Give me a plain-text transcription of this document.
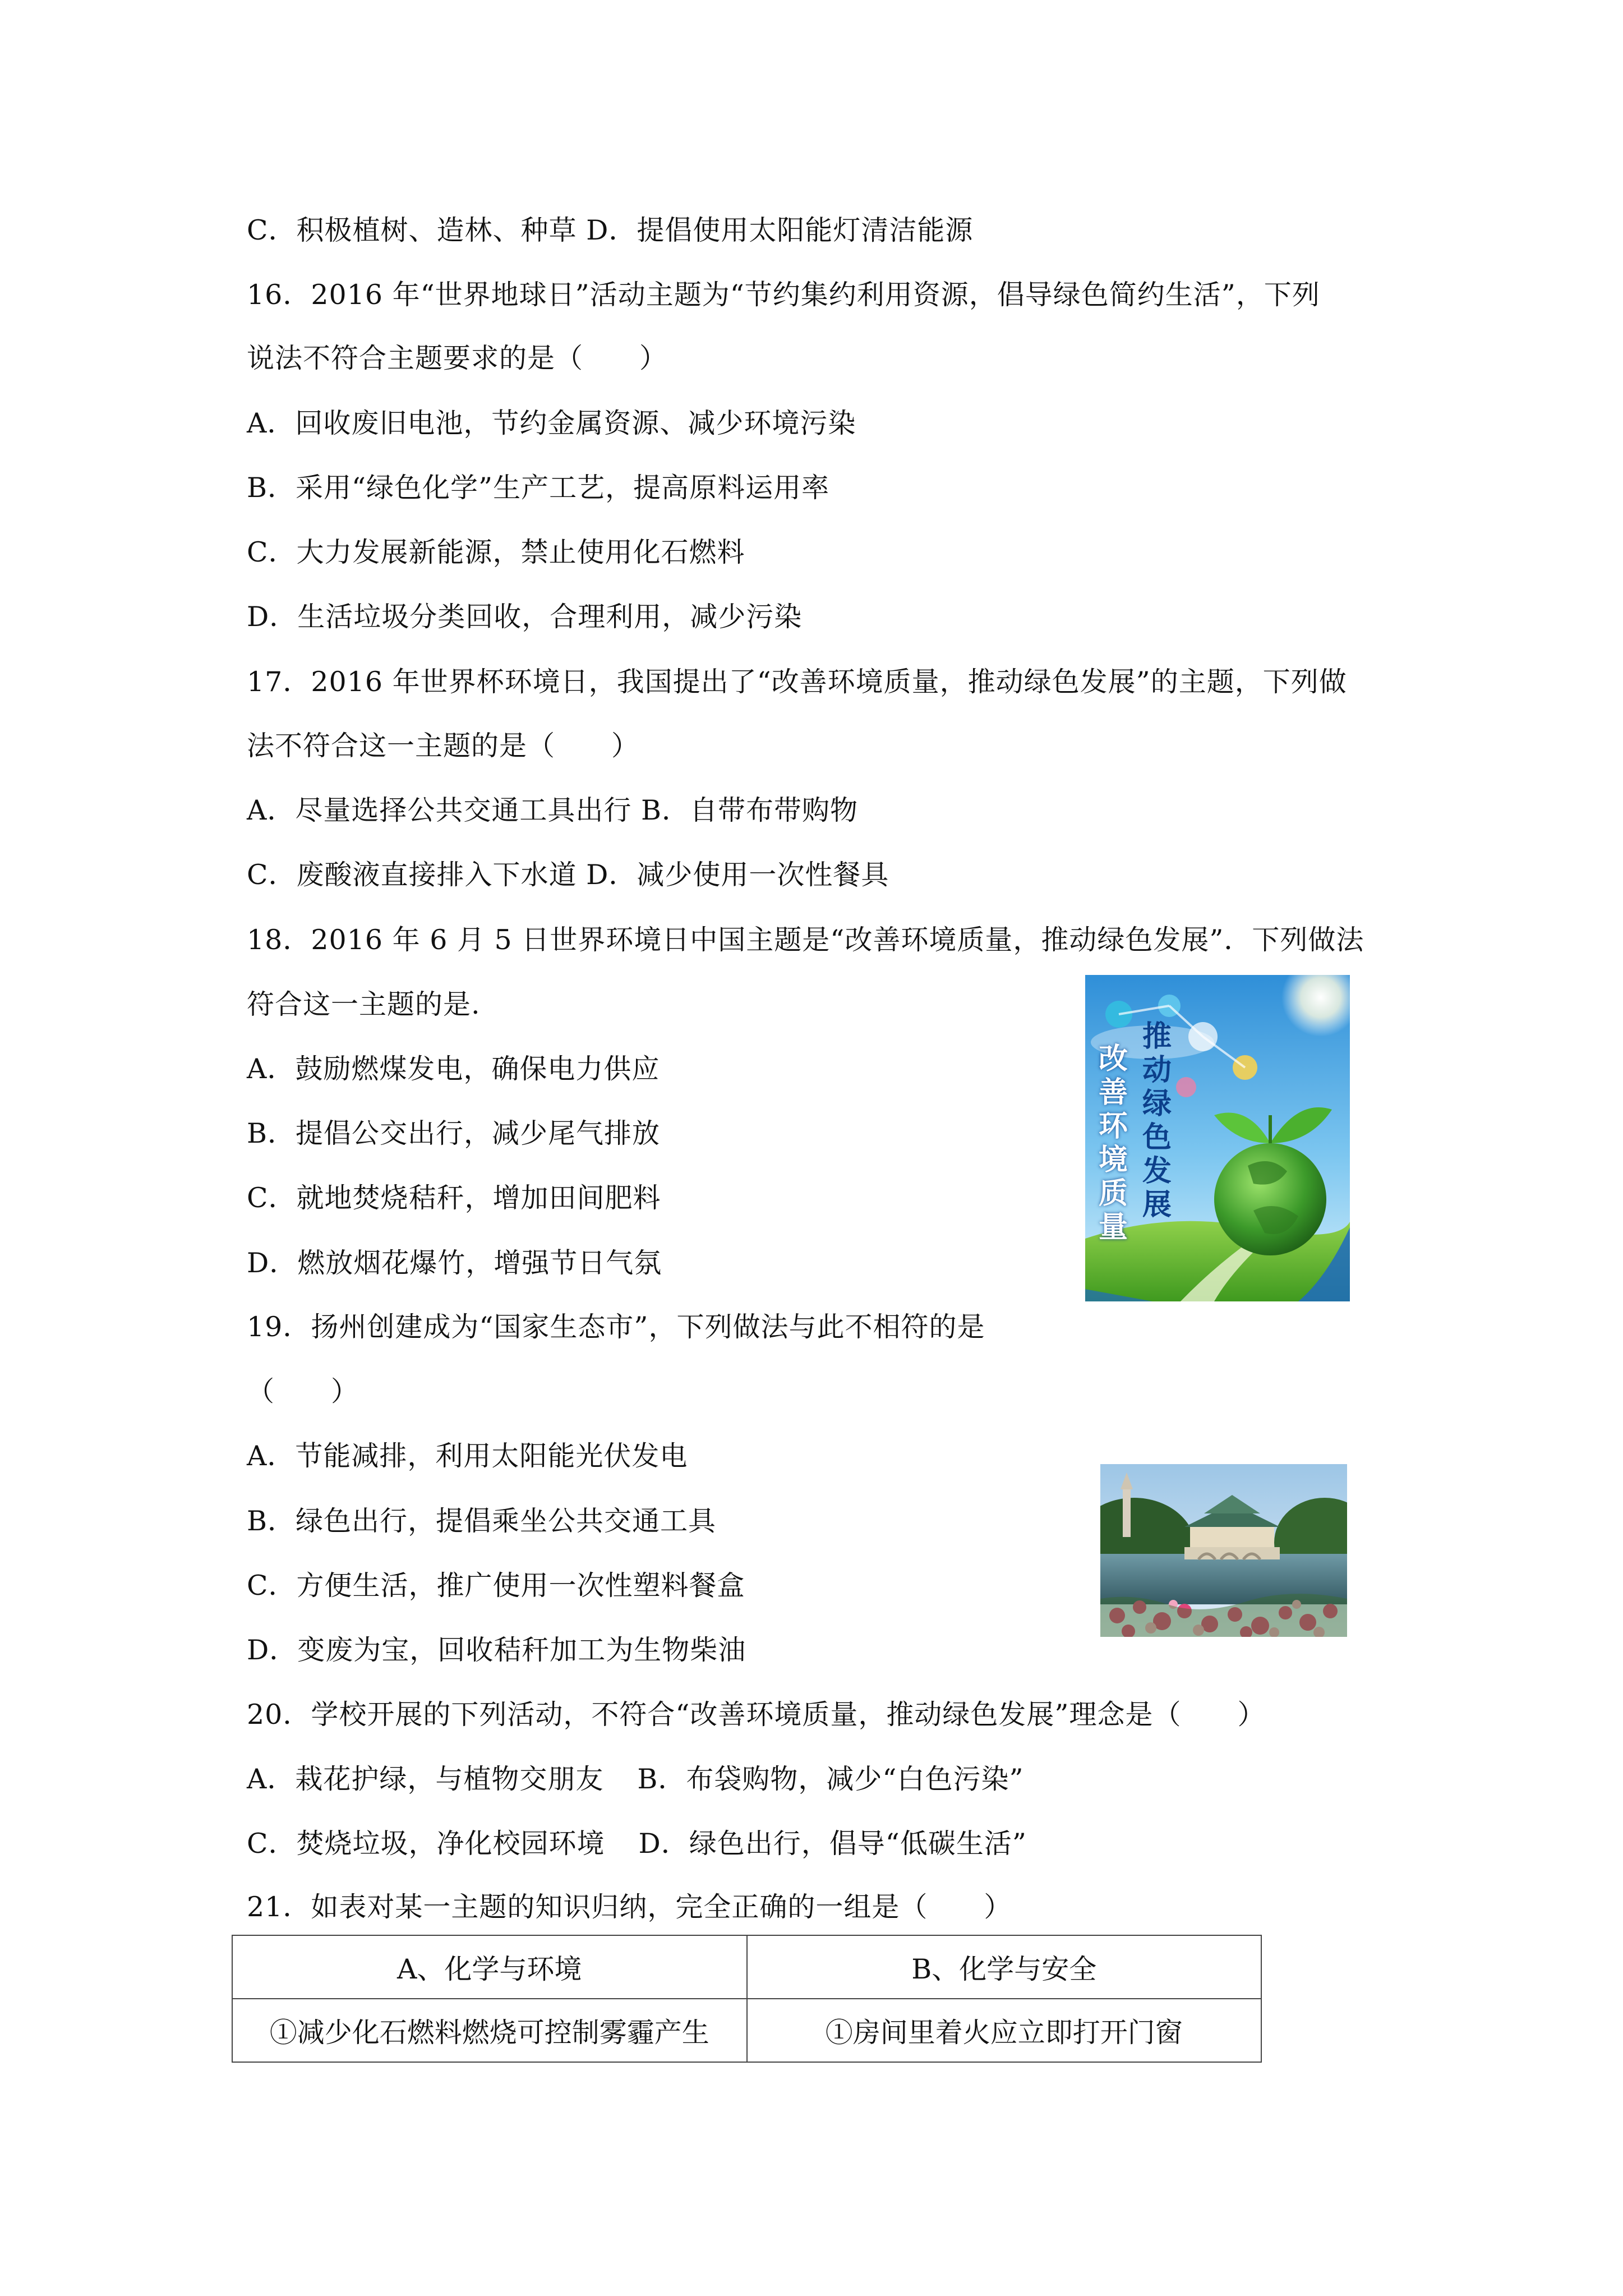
C．积极植树、造林、种草 D．提倡使用太阳能灯清洁能源
16．2016 年“世界地球日”活动主题为“节约集约利用资源，倡导绿色简约生活”，下列
说法不符合主题要求的是（　　）
A．回收废旧电池，节约金属资源、减少环境污染
B．采用“绿色化学”生产工艺，提高原料运用率
C．大力发展新能源，禁止使用化石燃料
D．生活垃圾分类回收，合理利用，减少污染
17．2016 年世界杯环境日，我国提出了“改善环境质量，推动绿色发展”的主题，下列做
法不符合这一主题的是（　　）
A．尽量选择公共交通工具出行 B．自带布带购物
C．废酸液直接排入下水道 D．减少使用一次性餐具
18．2016 年 6 月 5 日世界环境日中国主题是“改善环境质量，推动绿色发展”．下列做法
符合这一主题的是.
A．鼓励燃煤发电，确保电力供应
B．提倡公交出行，减少尾气排放
C．就地焚烧秸秆，增加田间肥料
D．燃放烟花爆竹，增强节日气氛
19．扬州创建成为“国家生态市”，下列做法与此不相符的是
（　　）
A．节能减排，利用太阳能光伏发电
B．绿色出行，提倡乘坐公共交通工具
C．方便生活，推广使用一次性塑料餐盒
D．变废为宝，回收秸秆加工为生物柴油
20．学校开展的下列活动，不符合“改善环境质量，推动绿色发展”理念是（　　）
A．栽花护绿，与植物交朋友 B．布袋购物，减少“白色污染”
C．焚烧垃圾，净化校园环境 D．绿色出行，倡导“低碳生活”
21．如表对某一主题的知识归纳，完全正确的一组是（　　）
推动绿色发展
改善环境质量
A、化学与环境	B、化学与安全
①减少化石燃料燃烧可控制雾霾产生	①房间里着火应立即打开门窗
